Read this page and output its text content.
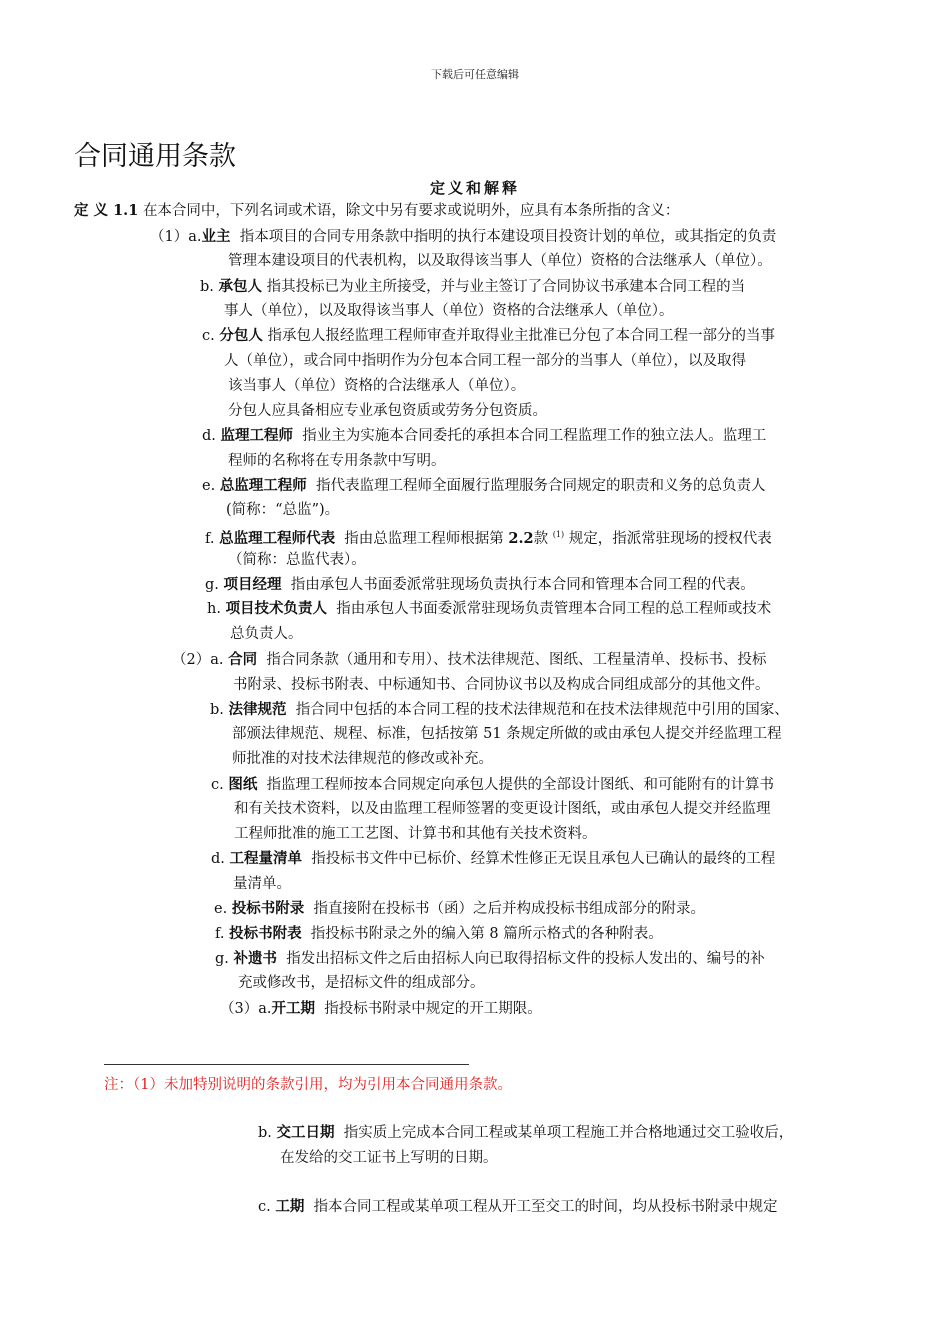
下载后可任意编辑
合同通用条款
定义和解释
定 义 1.1 在本合同中，下列名词或术语，除文中另有要求或说明外，应具有本条所指的含义：
（1）a.业主 指本项目的合同专用条款中指明的执行本建设项目投资计划的单位，或其指定的负责
管理本建设项目的代表机构，以及取得该当事人（单位）资格的合法继承人（单位）。
b. 承包人 指其投标已为业主所接受，并与业主签订了合同协议书承建本合同工程的当
事人（单位），以及取得该当事人（单位）资格的合法继承人（单位）。
c. 分包人 指承包人报经监理工程师审查并取得业主批准已分包了本合同工程一部分的当事
人（单位），或合同中指明作为分包本合同工程一部分的当事人（单位），以及取得
该当事人（单位）资格的合法继承人（单位）。
分包人应具备相应专业承包资质或劳务分包资质。
d. 监理工程师 指业主为实施本合同委托的承担本合同工程监理工作的独立法人。监理工
程师的名称将在专用条款中写明。
e. 总监理工程师 指代表监理工程师全面履行监理服务合同规定的职责和义务的总负责人
(简称：“总监”)。
f. 总监理工程师代表 指由总监理工程师根据第 2.2款 $^{(1)}$ 规定，指派常驻现场的授权代表
（简称：总监代表）。
g. 项目经理 指由承包人书面委派常驻现场负责执行本合同和管理本合同工程的代表。
h. 项目技术负责人 指由承包人书面委派常驻现场负责管理本合同工程的总工程师或技术
总负责人。
（2）a. 合同 指合同条款（通用和专用）、技术法律规范、图纸、工程量清单、投标书、投标
书附录、投标书附表、中标通知书、合同协议书以及构成合同组成部分的其他文件。
b. 法律规范 指合同中包括的本合同工程的技术法律规范和在技术法律规范中引用的国家、
部颁法律规范、规程、标准，包括按第 51 条规定所做的或由承包人提交并经监理工程
师批准的对技术法律规范的修改或补充。
c. 图纸 指监理工程师按本合同规定向承包人提供的全部设计图纸、和可能附有的计算书
和有关技术资料，以及由监理工程师签署的变更设计图纸，或由承包人提交并经监理
工程师批准的施工工艺图、计算书和其他有关技术资料。
d. 工程量清单 指投标书文件中已标价、经算术性修正无误且承包人已确认的最终的工程
量清单。
e. 投标书附录 指直接附在投标书（函）之后并构成投标书组成部分的附录。
f. 投标书附表 指投标书附录之外的编入第 8 篇所示格式的各种附表。
g. 补遗书 指发出招标文件之后由招标人向已取得招标文件的投标人发出的、编号的补
充或修改书，是招标文件的组成部分。
（3）a.开工期 指投标书附录中规定的开工期限。
注：（1）未加特别说明的条款引用，均为引用本合同通用条款。
b. 交工日期 指实质上完成本合同工程或某单项工程施工并合格地通过交工验收后，
在发给的交工证书上写明的日期。
c. 工期 指本合同工程或某单项工程从开工至交工的时间，均从投标书附录中规定
